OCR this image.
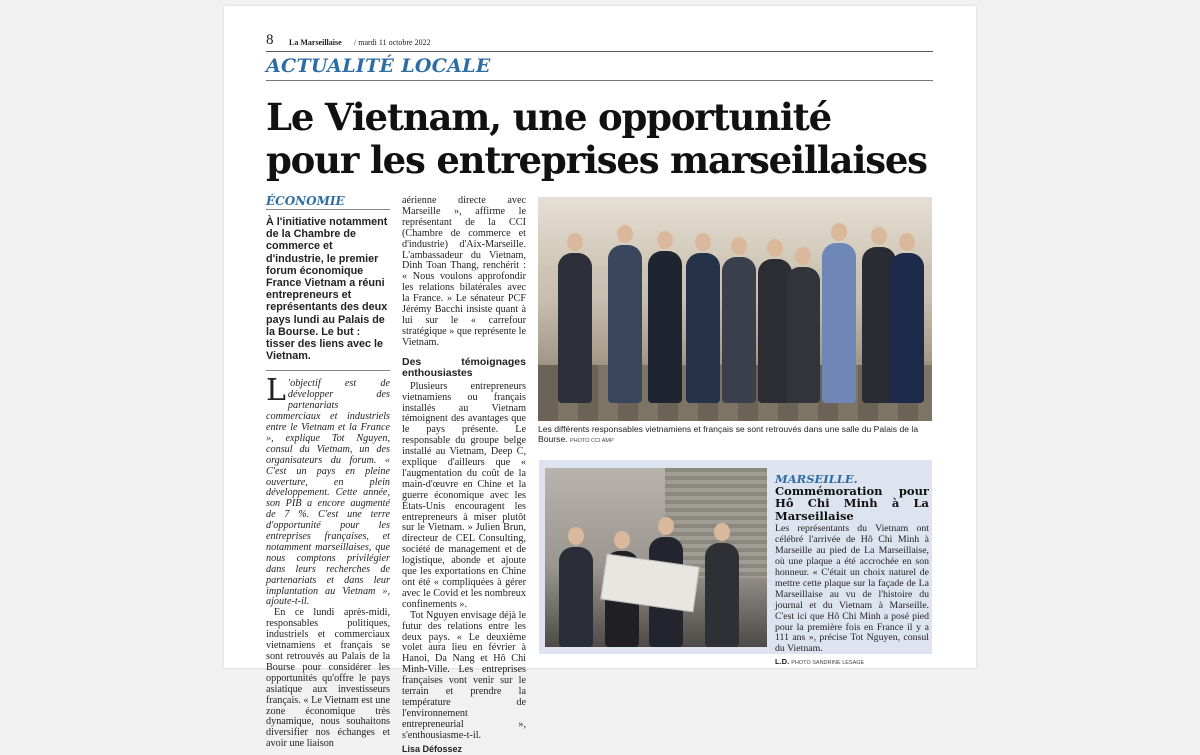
8 La Marseillaise / mardi 11 octobre 2022
ACTUALITÉ LOCALE
Le Vietnam, une opportunité
pour les entreprises marseillaises
ÉCONOMIE
À l'initiative notamment de la Chambre de commerce et d'industrie, le premier forum économique France Vietnam a réuni entrepreneurs et représentants des deux pays lundi au Palais de la Bourse. Le but : tisser des liens avec le Vietnam.

L 'objectif est de développer des partenariats commerciaux et industriels entre le Vietnam et la France », explique Tot Nguyen, consul du Vietnam, un des organisateurs du forum. « C'est un pays en pleine ouverture, en plein développement. Cette année, son PIB a encore augmenté de 7 %. C'est une terre d'opportunité pour les entreprises françaises, et notamment marseillaises, que nous comptons privilégier dans leurs recherches de partenariats et dans leur implantation au Vietnam », ajoute-t-il.

En ce lundi après-midi, responsables politiques, industriels et commerciaux vietnamiens et français se sont retrouvés au Palais de la Bourse pour considérer les opportunités qu'offre le pays asiatique aux investisseurs français. « Le Vietnam est une zone économique très dynamique, nous souhaitons diversifier nos échanges et avoir une liaison

aérienne directe avec Marseille », affirme le représentant de la CCI (Chambre de commerce et d'industrie) d'Aix-Marseille. L'ambassadeur du Vietnam, Dinh Toan Thang, renchérit : « Nous voulons approfondir les relations bilatérales avec la France. » Le sénateur PCF Jérémy Bacchi insiste quant à lui sur le « carrefour stratégique » que représente le Vietnam.

Des témoignages enthousiastes

Plusieurs entrepreneurs vietnamiens ou français installés au Vietnam témoignent des avantages que le pays présente. Le responsable du groupe belge installé au Vietnam, Deep C, explique d'ailleurs que « l'augmentation du coût de la main-d'œuvre en Chine et la guerre économique avec les États-Unis encouragent les entrepreneurs à miser plutôt sur le Vietnam. » Julien Brun, directeur de CEL Consulting, société de management et de logistique, abonde et ajoute que les exportations en Chine ont été « compliquées à gérer avec le Covid et les nombreux confinements ».

Tot Nguyen envisage déjà le futur des relations entre les deux pays. « Le deuxième volet aura lieu en février à Hanoi, Da Nang et Hô Chi Minh-Ville. Les entreprises françaises vont venir sur le terrain et prendre la température de l'environnement entrepreneurial », s'enthousiasme-t-il.

Lisa Défossez
Les différents responsables vietnamiens et français se sont retrouvés dans une salle du Palais de la Bourse. PHOTO CCI AMP
MARSEILLE.
Commémoration pour Hô Chi Minh à La Marseillaise
Les représentants du Vietnam ont célébré l'arrivée de Hô Chi Minh à Marseille au pied de La Marseillaise, où une plaque a été accrochée en son honneur. « C'était un choix naturel de mettre cette plaque sur la façade de La Marseillaise au vu de l'histoire du journal et du Vietnam à Marseille. C'est ici que Hô Chi Minh a posé pied pour la première fois en France il y a 111 ans », précise Tot Nguyen, consul du Vietnam.
L.D. PHOTO SANDRINE LESAGE
